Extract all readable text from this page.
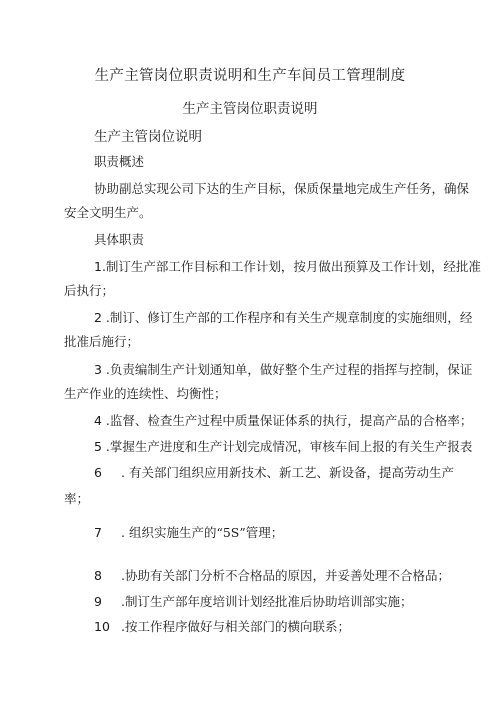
生产主管岗位职责说明和生产车间员工管理制度
生产主管岗位职责说明
生产主管岗位说明
职责概述
协助副总实现公司下达的生产目标，保质保量地完成生产任务，确保
安全文明生产。
具体职责
1.制订生产部工作目标和工作计划，按月做出预算及工作计划，经批准
后执行；
2 .制订、修订生产部的工作程序和有关生产规章制度的实施细则，经
批准后施行；
3 .负责编制生产计划通知单，做好整个生产过程的指挥与控制，保证
生产作业的连续性、均衡性；
4 .监督、检查生产过程中质量保证体系的执行，提高产品的合格率；
5 .掌握生产进度和生产计划完成情况，审核车间上报的有关生产报表
6 . 有关部门组织应用新技术、新工艺、新设备，提高劳动生产
率；
7 . 组织实施生产的“5S”管理；
8 .协助有关部门分析不合格品的原因，并妥善处理不合格品；
9 .制订生产部年度培训计划经批准后协助培训部实施；
10 .按工作程序做好与相关部门的横向联系；
